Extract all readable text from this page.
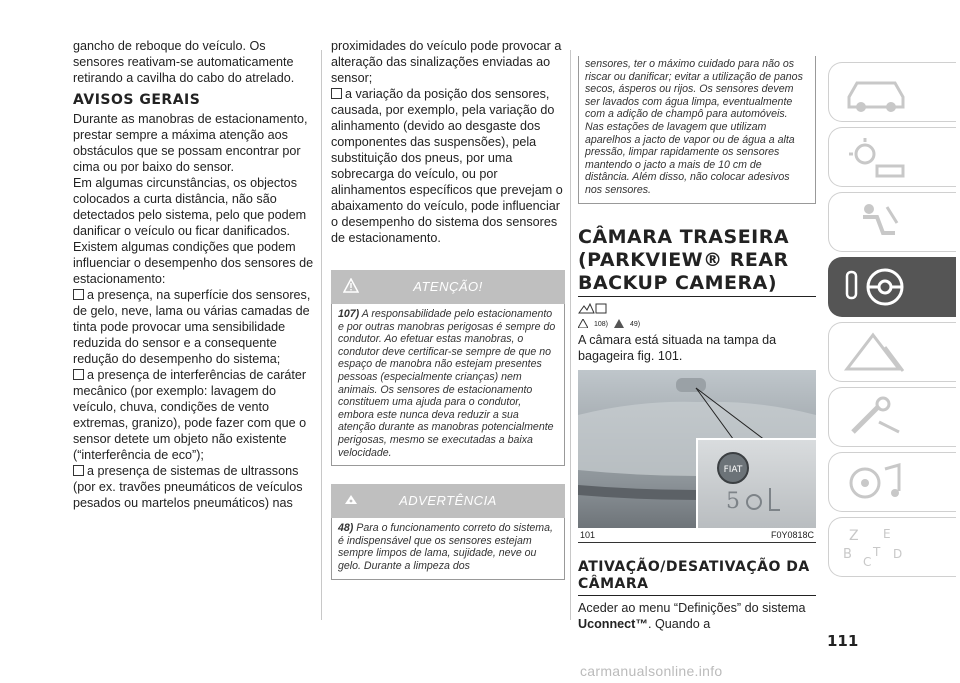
gancho de reboque do veículo. Os sensores reativam-se automaticamente retirando a cavilha do cabo do atrelado.

AVISOS GERAIS

Durante as manobras de estacionamento, prestar sempre a máxima atenção aos obstáculos que se possam encontrar por cima ou por baixo do sensor.

Em algumas circunstâncias, os objectos colocados a curta distância, não são detectados pelo sistema, pelo que podem danificar o veículo ou ficar danificados.

Existem algumas condições que podem influenciar o desempenho dos sensores de estacionamento:

a presença, na superfície dos sensores, de gelo, neve, lama ou várias camadas de tinta pode provocar uma sensibilidade reduzida do sensor e a consequente redução do desempenho do sistema;

a presença de interferências de caráter mecânico (por exemplo: lavagem do veículo, chuva, condições de vento extremas, granizo), pode fazer com que o sensor detete um objeto não existente (“interferência de eco”);

a presença de sistemas de ultrassons (por ex. travões pneumáticos de veículos pesados ou martelos pneumáticos) nas

proximidades do veículo pode provocar a alteração das sinalizações enviadas ao sensor;

a variação da posição dos sensores, causada, por exemplo, pela variação do alinhamento (devido ao desgaste dos componentes das suspensões), pela substituição dos pneus, por uma sobrecarga do veículo, ou por alinhamentos específicos que prevejam o abaixamento do veículo, pode influenciar o desempenho do sistema dos sensores de estacionamento.

ATENÇÃO!

107) A responsabilidade pelo estacionamento e por outras manobras perigosas é sempre do condutor. Ao efetuar estas manobras, o condutor deve certificar-se sempre de que no espaço de manobra não estejam presentes pessoas (especialmente crianças) nem animais. Os sensores de estacionamento constituem uma ajuda para o condutor, embora este nunca deva reduzir a sua atenção durante as manobras potencialmente perigosas, mesmo se executadas a baixa velocidade.

ADVERTÊNCIA

48) Para o funcionamento correto do sistema, é indispensável que os sensores estejam sempre limpos de lama, sujidade, neve ou gelo. Durante a limpeza dos

sensores, ter o máximo cuidado para não os riscar ou danificar; evitar a utilização de panos secos, ásperos ou rijos. Os sensores devem ser lavados com água limpa, eventualmente com a adição de champô para automóveis. Nas estações de lavagem que utilizam aparelhos a jacto de vapor ou de água a alta pressão, limpar rapidamente os sensores mantendo o jacto a mais de 10 cm de distância. Além disso, não colocar adesivos nos sensores.

CÂMARA TRASEIRA (PARKVIEW® REAR BACKUP CAMERA)
108)	49)

A câmara está situada na tampa da bagageira fig. 101.

FIAT
5
101	F0Y0818C
ATIVAÇÃO/DESATIVAÇÃO DA CÂMARA

Aceder ao menu “Definições” do sistema Uconnect™. Quando a

Z E
B C
T D
111
carmanualsonline.info
